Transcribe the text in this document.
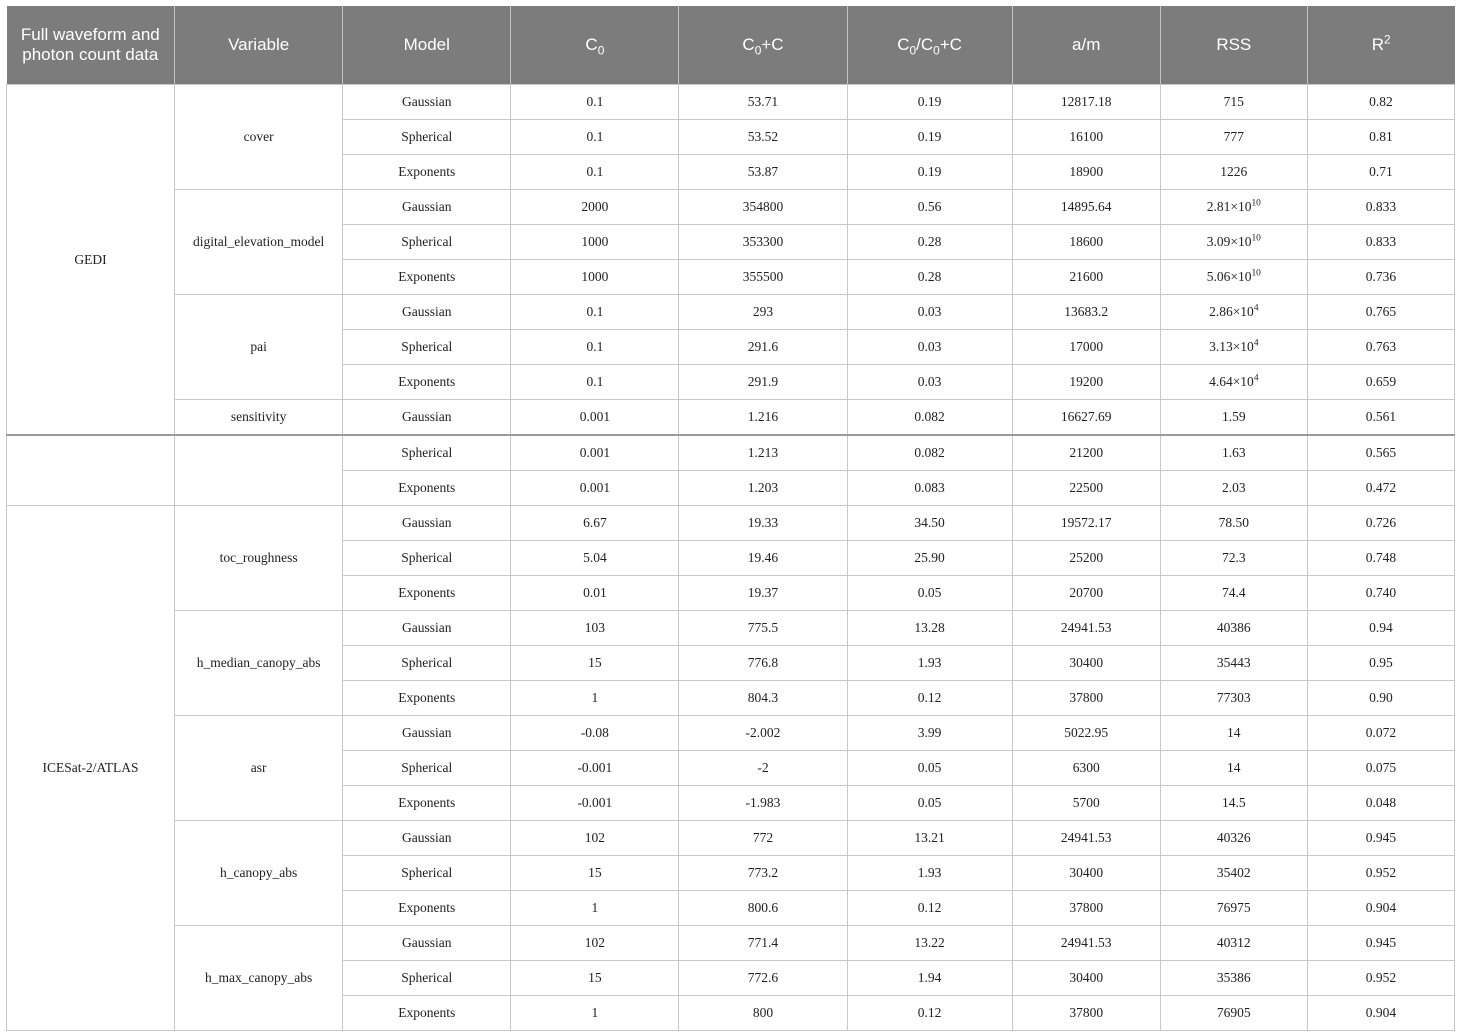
Full waveform and photon count data	Variable	Model	$C_0$	$C_0+C$	$C_0/C_0+C$	a/m	RSS	$R^2$
GEDI	cover	Gaussian	0.1	53.71	0.19	12817.18	715	0.82
		Spherical	0.1	53.52	0.19	16100	777	0.81
		Exponents	0.1	53.87	0.19	18900	1226	0.71
	digital_elevation_model	Gaussian	2000	354800	0.56	14895.64	$2.81\times 10^{10}$	0.833
		Spherical	1000	353300	0.28	18600	$3.09\times 10^{10}$	0.833
		Exponents	1000	355500	0.28	21600	$5.06\times 10^{10}$	0.736
	pai	Gaussian	0.1	293	0.03	13683.2	$2.86\times 10^4$	0.765
		Spherical	0.1	291.6	0.03	17000	$3.13\times 10^4$	0.763
		Exponents	0.1	291.9	0.03	19200	$4.64\times 10^4$	0.659
	sensitivity	Gaussian	0.001	1.216	0.082	16627.69	1.59	0.561
		Spherical	0.001	1.213	0.082	21200	1.63	0.565
		Exponents	0.001	1.203	0.083	22500	2.03	0.472
ICESat-2/ATLAS	toc_roughness	Gaussian	6.67	19.33	34.50	19572.17	78.50	0.726
		Spherical	5.04	19.46	25.90	25200	72.3	0.748
		Exponents	0.01	19.37	0.05	20700	74.4	0.740
	h_median_canopy_abs	Gaussian	103	775.5	13.28	24941.53	40386	0.94
		Spherical	15	776.8	1.93	30400	35443	0.95
		Exponents	1	804.3	0.12	37800	77303	0.90
	asr	Gaussian	-0.08	-2.002	3.99	5022.95	14	0.072
		Spherical	-0.001	-2	0.05	6300	14	0.075
		Exponents	-0.001	-1.983	0.05	5700	14.5	0.048
	h_canopy_abs	Gaussian	102	772	13.21	24941.53	40326	0.945
		Spherical	15	773.2	1.93	30400	35402	0.952
		Exponents	1	800.6	0.12	37800	76975	0.904
	h_max_canopy_abs	Gaussian	102	771.4	13.22	24941.53	40312	0.945
		Spherical	15	772.6	1.94	30400	35386	0.952
		Exponents	1	800	0.12	37800	76905	0.904
